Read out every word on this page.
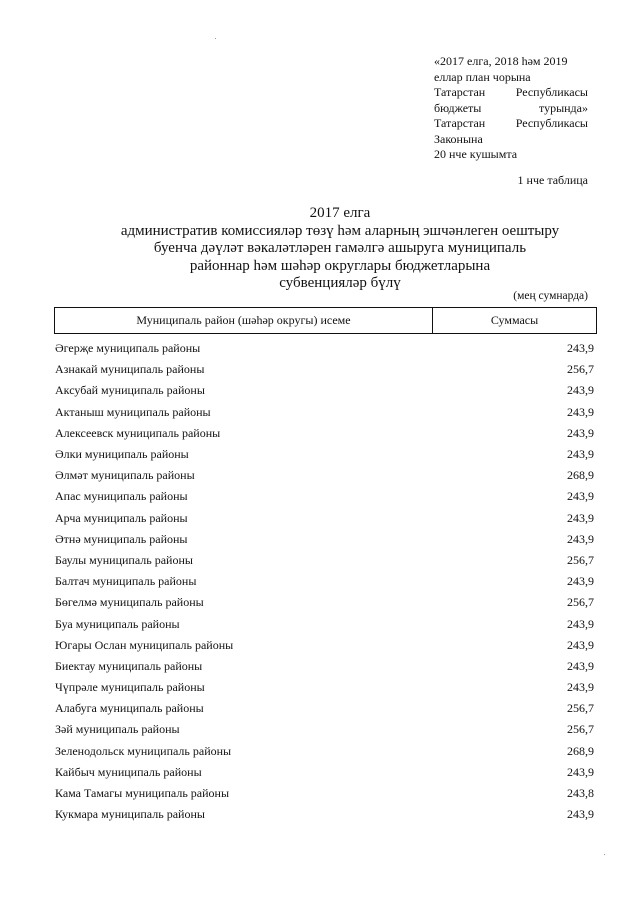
«2017 елга, 2018 һәм 2019
еллар план чорына
Татарстан	Республикасы
бюджеты	турында»
Татарстан	Республикасы
Законына
20 нче кушымта
1 нче таблица
2017 елга
административ комиссияләр төзү һәм аларның эшчәнлеген оештыру
буенча дәүләт вәкаләтләрен гамәлгә ашыруга муниципаль
районнар һәм шәһәр округлары бюджетларына
субвенцияләр бүлү
(мең сумнарда)
Муниципаль район (шәһәр округы) исеме	Суммасы
Әгерҗе муниципаль районы	243,9
Азнакай муниципаль районы	256,7
Аксубай муниципаль районы	243,9
Актаныш муниципаль районы	243,9
Алексеевск муниципаль районы	243,9
Әлки муниципаль районы	243,9
Әлмәт муниципаль районы	268,9
Апас муниципаль районы	243,9
Арча муниципаль районы	243,9
Әтнә муниципаль районы	243,9
Баулы муниципаль районы	256,7
Балтач муниципаль районы	243,9
Бөгелмә муниципаль районы	256,7
Буа муниципаль районы	243,9
Югары Ослан муниципаль районы	243,9
Биектау муниципаль районы	243,9
Чүпрәле муниципаль районы	243,9
Алабуга муниципаль районы	256,7
Зәй муниципаль районы	256,7
Зеленодольск муниципаль районы	268,9
Кайбыч муниципаль районы	243,9
Кама Тамагы муниципаль районы	243,8
Кукмара муниципаль районы	243,9
